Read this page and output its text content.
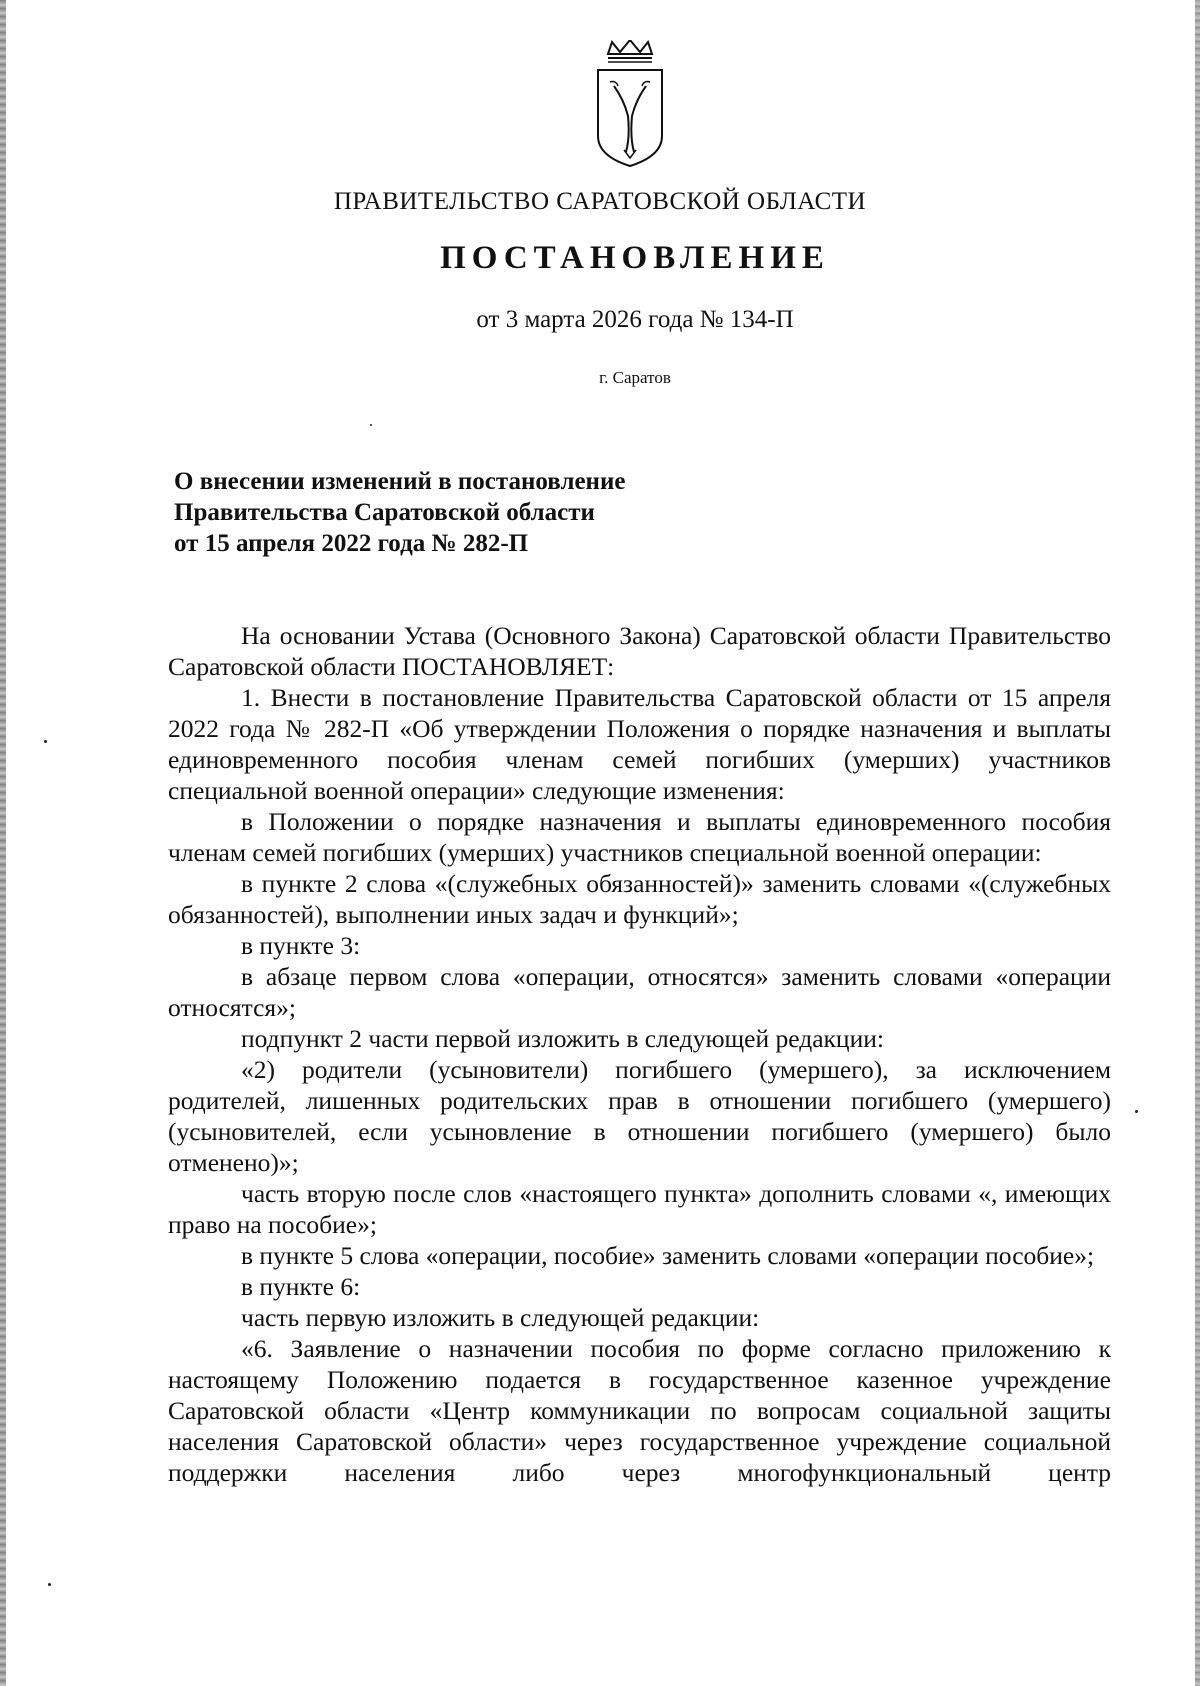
ПРАВИТЕЛЬСТВО САРАТОВСКОЙ ОБЛАСТИ
ПОСТАНОВЛЕНИЕ
от 3 марта 2026 года № 134-П
г. Саратов
О внесении изменений в постановление
Правительства Саратовской области
от 15 апреля 2022 года № 282-П

На основании Устава (Основного Закона) Саратовской области Правительство Саратовской области ПОСТАНОВЛЯЕТ:

1. Внести в постановление Правительства Саратовской области от 15 апреля 2022 года № 282-П «Об утверждении Положения о порядке назначения и выплаты единовременного пособия членам семей погибших (умерших) участников специальной военной операции» следующие изменения:

в Положении о порядке назначения и выплаты единовременного пособия членам семей погибших (умерших) участников специальной военной операции:

в пункте 2 слова «(служебных обязанностей)» заменить словами «(служебных обязанностей), выполнении иных задач и функций»;

в пункте 3:

в абзаце первом слова «операции, относятся» заменить словами «операции относятся»;

подпункт 2 части первой изложить в следующей редакции:

«2) родители (усыновители) погибшего (умершего), за исключением родителей, лишенных родительских прав в отношении погибшего (умершего) (усыновителей, если усыновление в отношении погибшего (умершего) было отменено)»;

часть вторую после слов «настоящего пункта» дополнить словами «, имеющих право на пособие»;

в пункте 5 слова «операции, пособие» заменить словами «операции пособие»;

в пункте 6:

часть первую изложить в следующей редакции:

«6. Заявление о назначении пособия по форме согласно приложению к настоящему Положению подается в государственное казенное учреждение Саратовской области «Центр коммуникации по вопросам социальной защиты населения Саратовской области» через государственное учреждение социальной поддержки населения либо через многофункциональный центр
